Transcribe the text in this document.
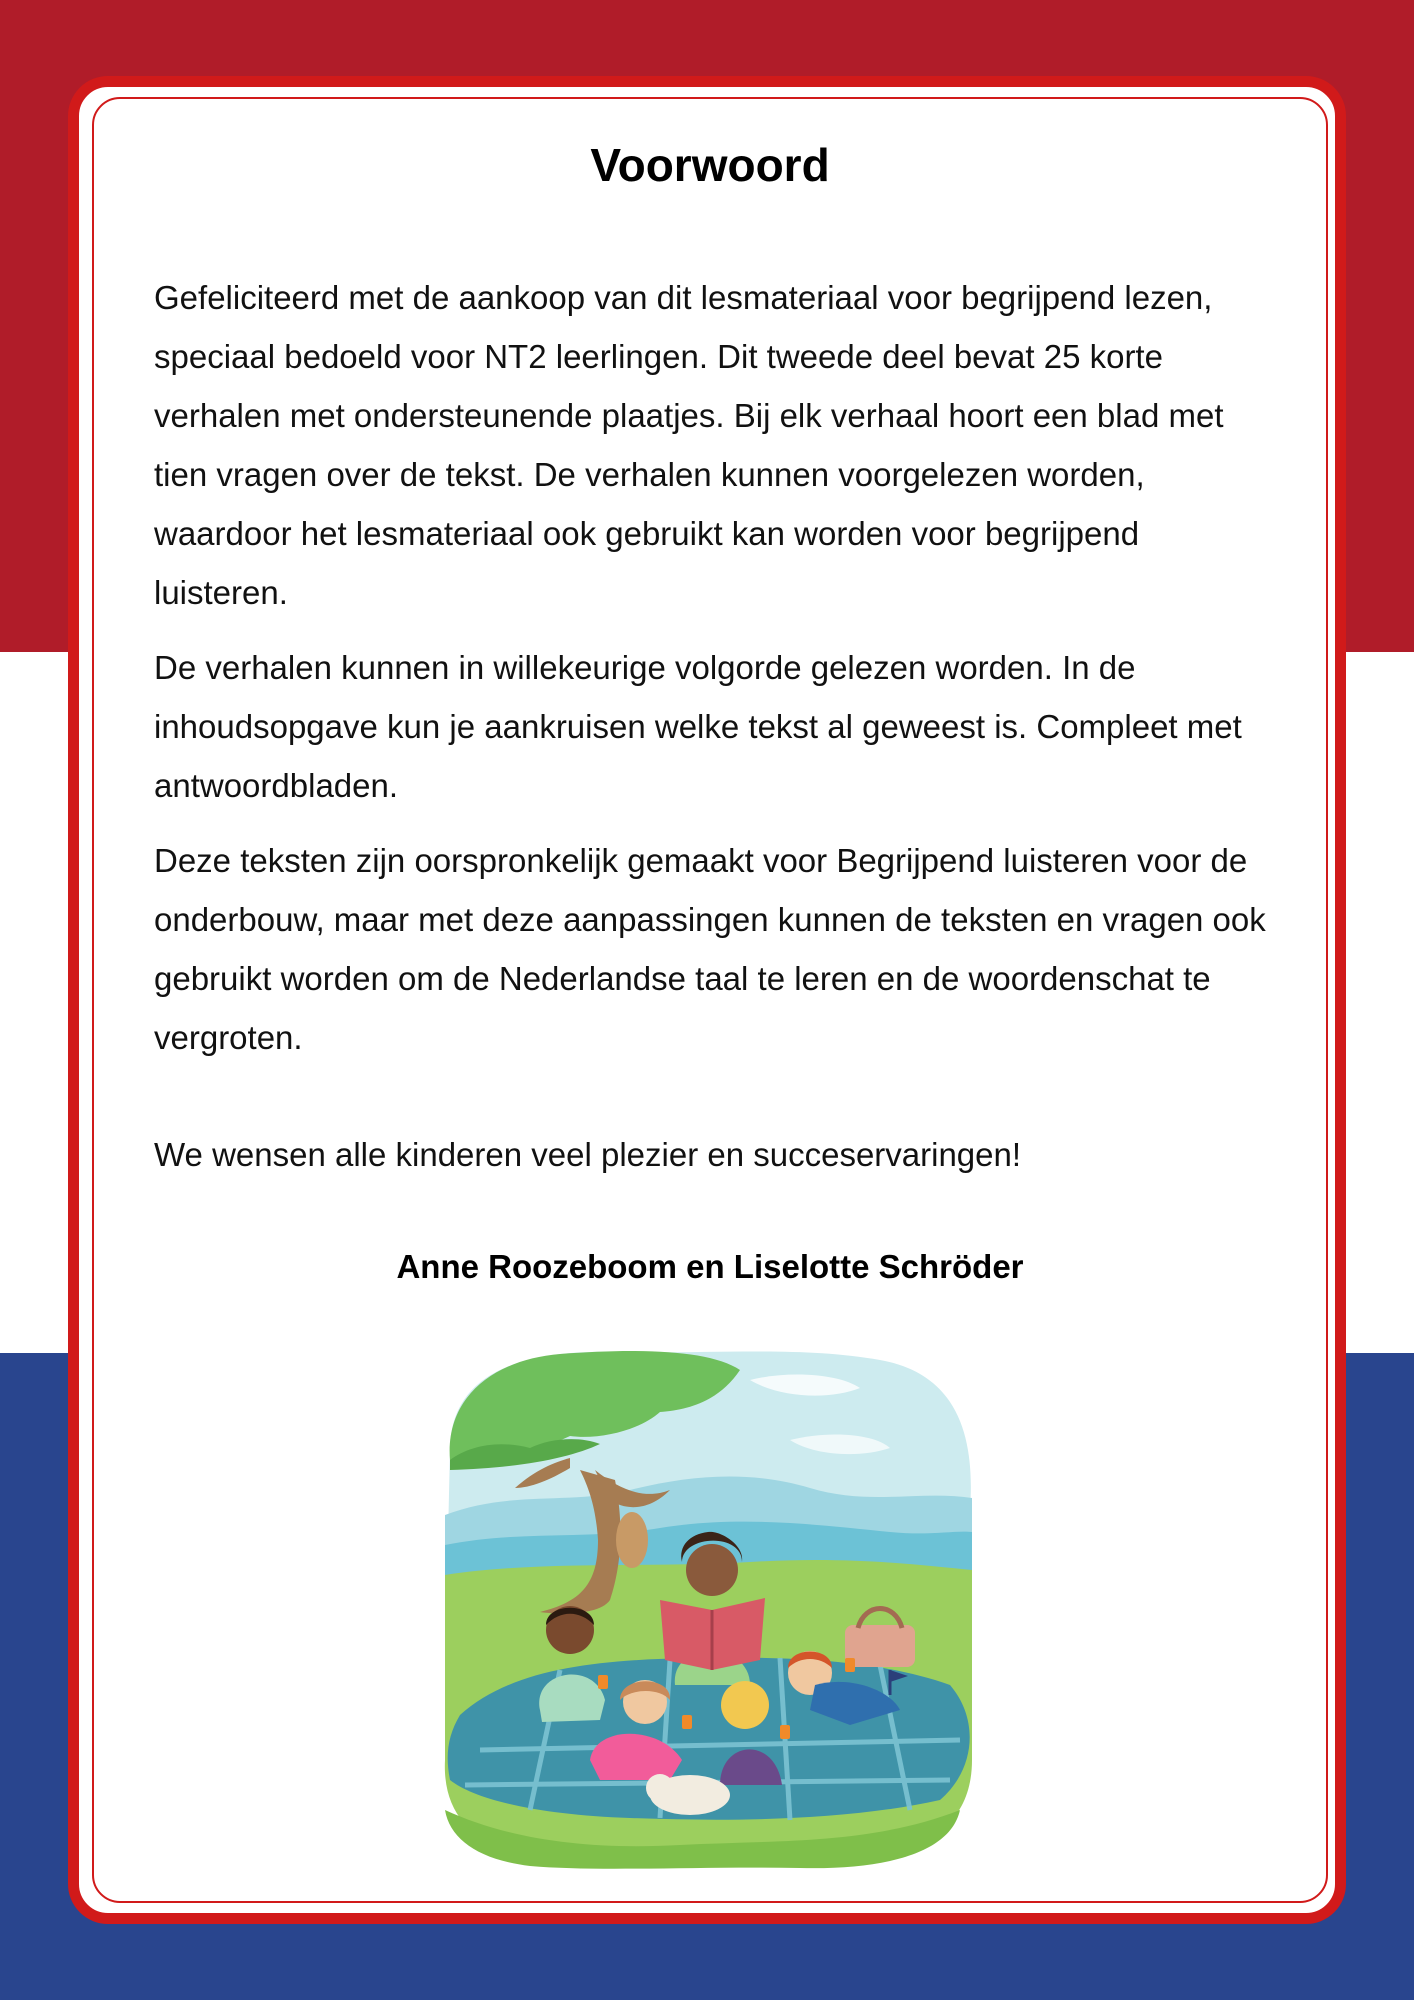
Voorwoord

Gefeliciteerd met de aankoop van dit lesmateriaal voor begrijpend lezen, speciaal bedoeld voor NT2 leerlingen. Dit tweede deel bevat 25 korte verhalen met ondersteunende plaatjes. Bij elk verhaal hoort een blad met tien vragen over de tekst. De verhalen kunnen voorgelezen worden, waardoor het lesmateriaal ook gebruikt kan worden voor begrijpend luisteren.

De verhalen kunnen in willekeurige volgorde gelezen worden. In de inhoudsopgave kun je aankruisen welke tekst al geweest is. Compleet met antwoordbladen.

Deze teksten zijn oorspronkelijk gemaakt voor Begrijpend luisteren voor de onderbouw, maar met deze aanpassingen kunnen de teksten en vragen ook gebruikt worden om de Nederlandse taal te leren en de woordenschat te vergroten.

We wensen alle kinderen veel plezier en succeservaringen!

Anne Roozeboom en Liselotte Schröder
